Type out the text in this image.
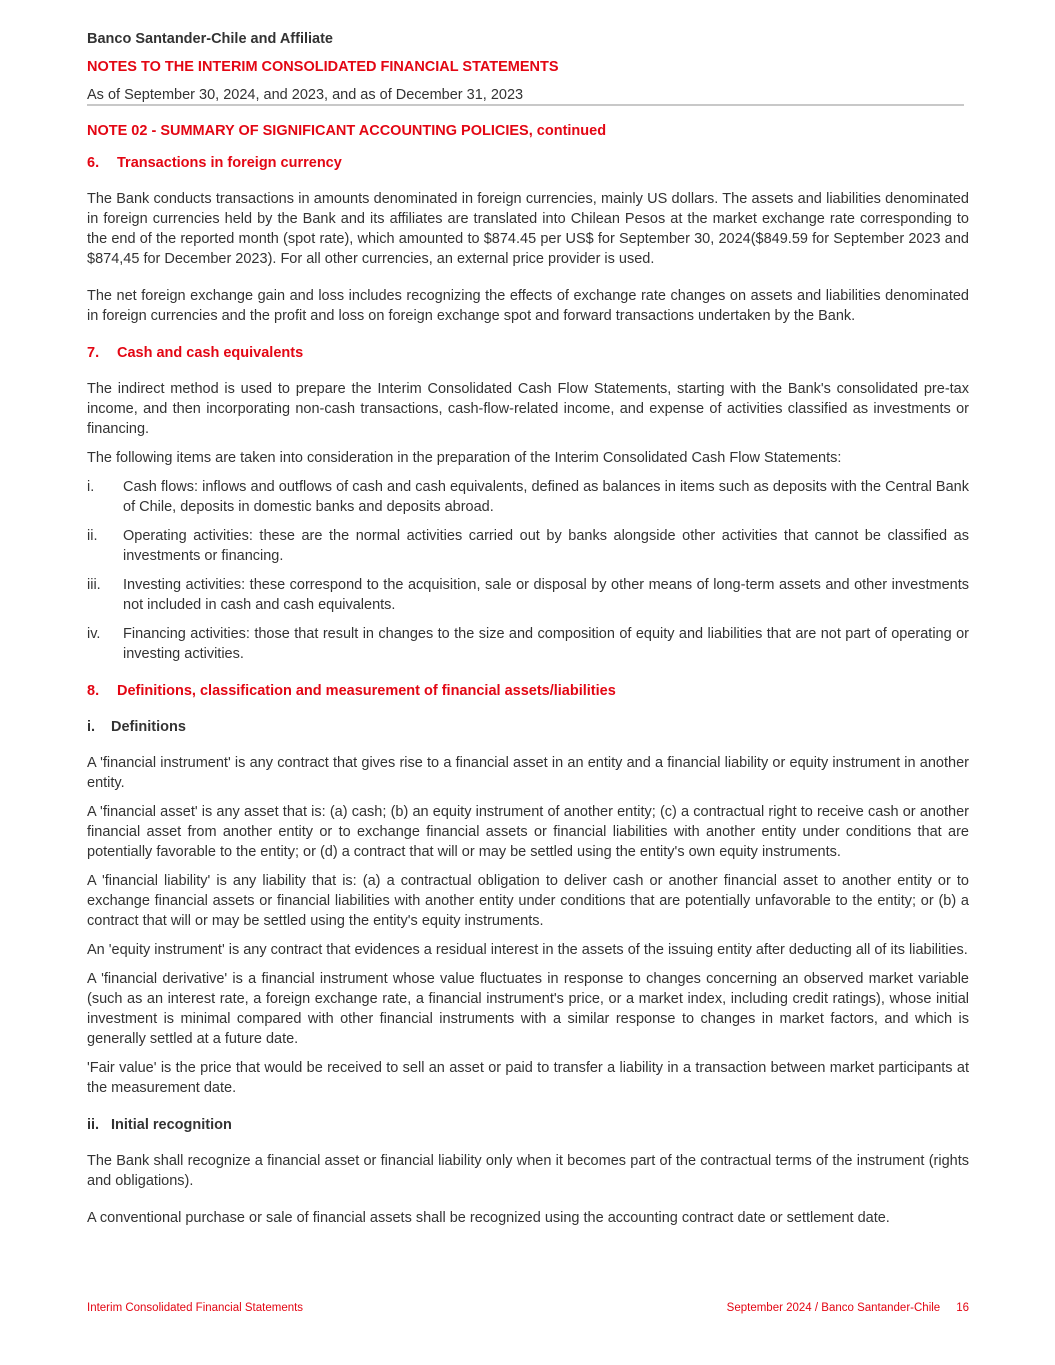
Banco Santander-Chile and Affiliate
NOTES TO THE INTERIM CONSOLIDATED FINANCIAL STATEMENTS
As of September 30, 2024, and 2023, and as of December 31, 2023
NOTE 02 - SUMMARY OF SIGNIFICANT ACCOUNTING POLICIES, continued
6.	Transactions in foreign currency

The Bank conducts transactions in amounts denominated in foreign currencies, mainly US dollars. The assets and liabilities denominated in foreign currencies held by the Bank and its affiliates are translated into Chilean Pesos at the market exchange rate corresponding to the end of the reported month (spot rate), which amounted to $874.45 per US$ for September 30, 2024($849.59 for September 2023 and $874,45 for December 2023). For all other currencies, an external price provider is used.

The net foreign exchange gain and loss includes recognizing the effects of exchange rate changes on assets and liabilities denominated in foreign currencies and the profit and loss on foreign exchange spot and forward transactions undertaken by the Bank.

7.	Cash and cash equivalents

The indirect method is used to prepare the Interim Consolidated Cash Flow Statements, starting with the Bank's consolidated pre-tax income, and then incorporating non-cash transactions, cash-flow-related income, and expense of activities classified as investments or financing.

The following items are taken into consideration in the preparation of the Interim Consolidated Cash Flow Statements:

i.	Cash flows: inflows and outflows of cash and cash equivalents, defined as balances in items such as deposits with the Central Bank of Chile, deposits in domestic banks and deposits abroad.
ii.	Operating activities: these are the normal activities carried out by banks alongside other activities that cannot be classified as investments or financing.
iii.	Investing activities: these correspond to the acquisition, sale or disposal by other means of long-term assets and other investments not included in cash and cash equivalents.
iv.	Financing activities: those that result in changes to the size and composition of equity and liabilities that are not part of operating or investing activities.
8.	Definitions, classification and measurement of financial assets/liabilities
i.	Definitions

A 'financial instrument' is any contract that gives rise to a financial asset in an entity and a financial liability or equity instrument in another entity.

A 'financial asset' is any asset that is: (a) cash; (b) an equity instrument of another entity; (c) a contractual right to receive cash or another financial asset from another entity or to exchange financial assets or financial liabilities with another entity under conditions that are potentially favorable to the entity; or (d) a contract that will or may be settled using the entity's own equity instruments.

A 'financial liability' is any liability that is: (a) a contractual obligation to deliver cash or another financial asset to another entity or to exchange financial assets or financial liabilities with another entity under conditions that are potentially unfavorable to the entity; or (b) a contract that will or may be settled using the entity's equity instruments.

An 'equity instrument' is any contract that evidences a residual interest in the assets of the issuing entity after deducting all of its liabilities.

A 'financial derivative' is a financial instrument whose value fluctuates in response to changes concerning an observed market variable (such as an interest rate, a foreign exchange rate, a financial instrument's price, or a market index, including credit ratings), whose initial investment is minimal compared with other financial instruments with a similar response to changes in market factors, and which is generally settled at a future date.

'Fair value' is the price that would be received to sell an asset or paid to transfer a liability in a transaction between market participants at the measurement date.

ii. Initial recognition

The Bank shall recognize a financial asset or financial liability only when it becomes part of the contractual terms of the instrument (rights and obligations).

A conventional purchase or sale of financial assets shall be recognized using the accounting contract date or settlement date.

Interim Consolidated Financial Statements	September 2024 / Banco Santander-Chile 16
